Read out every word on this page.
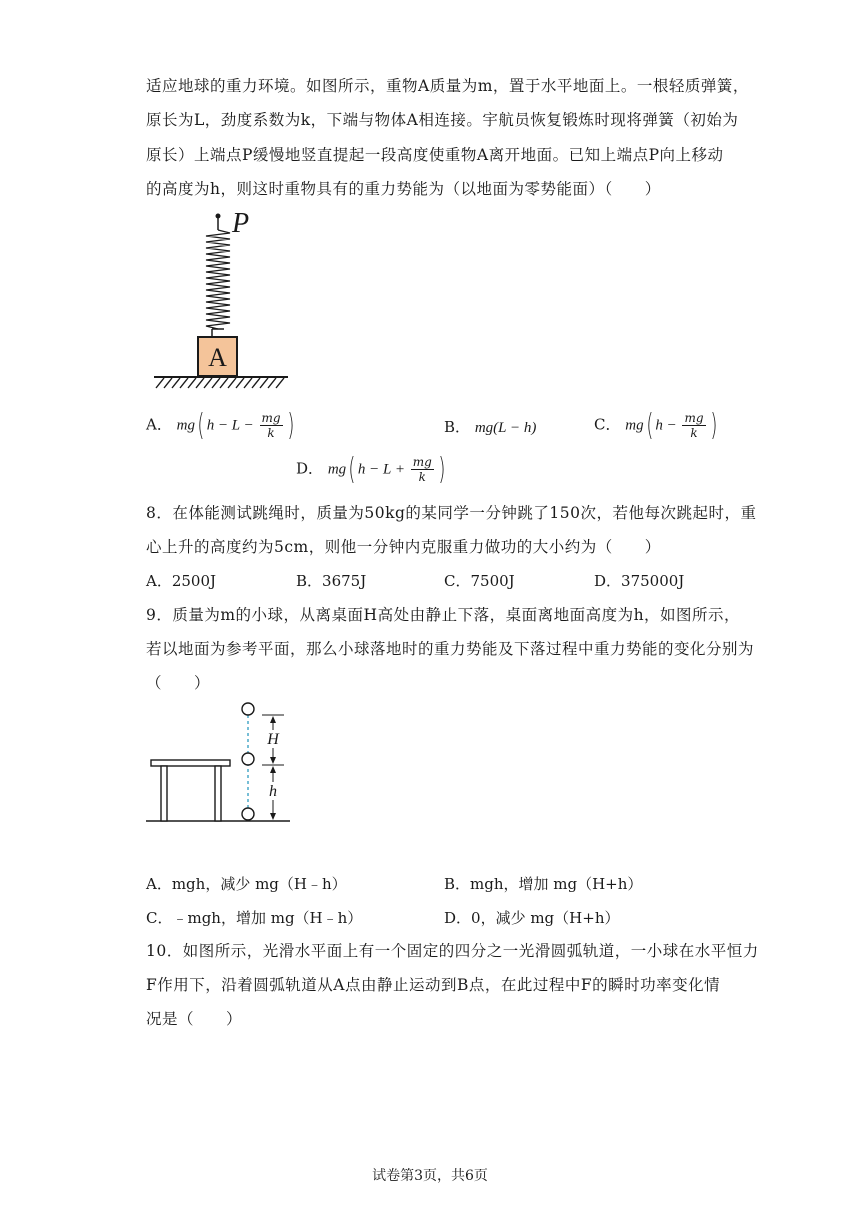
适应地球的重力环境。如图所示，重物A质量为m，置于水平地面上。一根轻质弹簧，
原长为L，劲度系数为k，下端与物体A相连接。宇航员恢复锻炼时现将弹簧（初始为
原长）上端点P缓慢地竖直提起一段高度使重物A离开地面。已知上端点P向上移动
的高度为h，则这时重物具有的重力势能为（以地面为零势能面）（　　）
A
P
A． mg( $h - L - \frac{mg}{k}$ )	B． mg(L − h)	C． mg( $h - \frac{mg}{k}$ )
D． mg( $h - L + \frac{mg}{k}$ )
8．在体能测试跳绳时，质量为50kg的某同学一分钟跳了150次，若他每次跳起时，重
心上升的高度约为5cm，则他一分钟内克服重力做功的大小约为（　　）
A．2500J	B．3675J	C．7500J	D．375000J
9．质量为m的小球，从离桌面H高处由静止下落，桌面离地面高度为h，如图所示，
若以地面为参考平面，那么小球落地时的重力势能及下落过程中重力势能的变化分别为
（　　）
H
h
A．mgh，减少 mg（H﹣h）	B．mgh，增加 mg（H+h）
C．﹣mgh，增加 mg（H﹣h）	D．0，减少 mg（H+h）
10．如图所示，光滑水平面上有一个固定的四分之一光滑圆弧轨道，一小球在水平恒力
F作用下，沿着圆弧轨道从A点由静止运动到B点，在此过程中F的瞬时功率变化情
况是（　　）
试卷第3页，共6页
